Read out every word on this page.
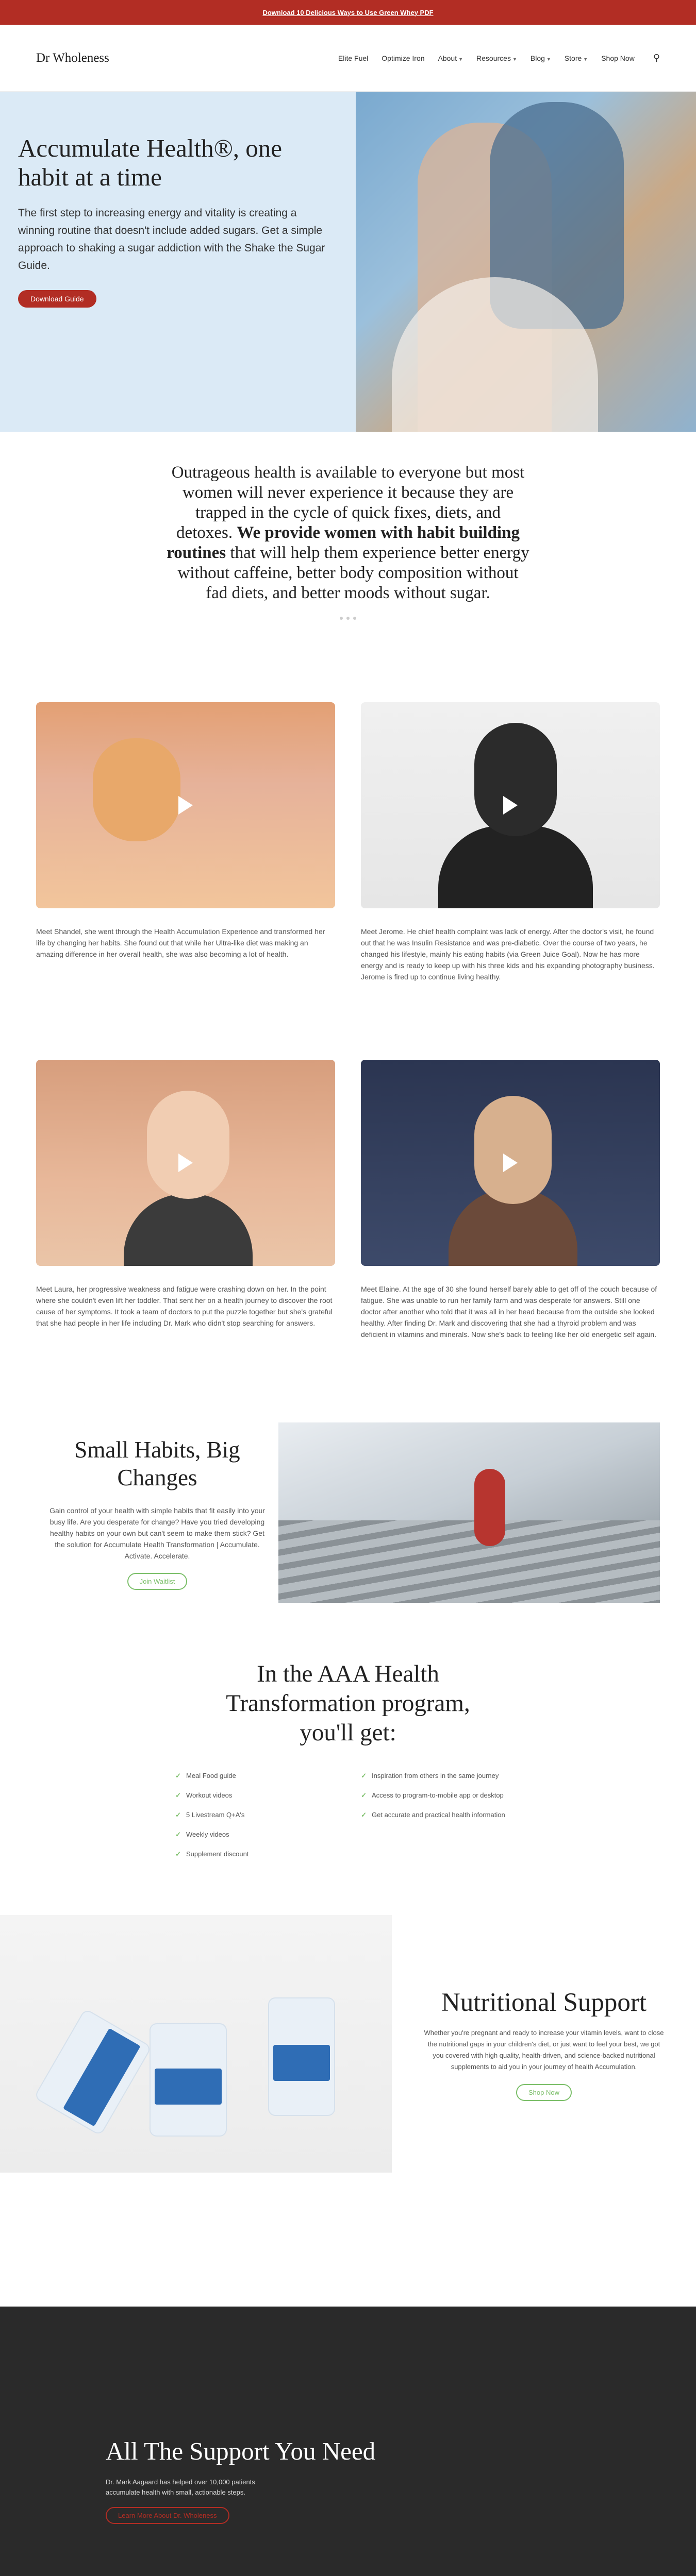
Download 10 Delicious Ways to Use Green Whey PDF
Dr Wholeness	Elite Fuel Optimize Iron About ▼ Resources ▼ Blog ▼ Store ▼ Shop Now ⚲
Accumulate Health®, one habit at a time

The first step to increasing energy and vitality is creating a winning routine that doesn't include added sugars. Get a simple approach to shaking a sugar addiction with the Shake the Sugar Guide.

Download Guide

Outrageous health is available to everyone but most women will never experience it because they are trapped in the cycle of quick fixes, diets, and detoxes. We provide women with habit building routines that will help them experience better energy without caffeine, better body composition without fad diets, and better moods without sugar.

Meet Shandel, she went through the Health Accumulation Experience and transformed her life by changing her habits. She found out that while her Ultra-like diet was making an amazing difference in her overall health, she was also becoming a lot of health.

Meet Jerome. He chief health complaint was lack of energy. After the doctor's visit, he found out that he was Insulin Resistance and was pre-diabetic. Over the course of two years, he changed his lifestyle, mainly his eating habits (via Green Juice Goal). Now he has more energy and is ready to keep up with his three kids and his expanding photography business. Jerome is fired up to continue living healthy.

Meet Laura, her progressive weakness and fatigue were crashing down on her. In the point where she couldn't even lift her toddler. That sent her on a health journey to discover the root cause of her symptoms. It took a team of doctors to put the puzzle together but she's grateful that she had people in her life including Dr. Mark who didn't stop searching for answers.

Meet Elaine. At the age of 30 she found herself barely able to get off of the couch because of fatigue. She was unable to run her family farm and was desperate for answers. Still one doctor after another who told that it was all in her head because from the outside she looked healthy. After finding Dr. Mark and discovering that she had a thyroid problem and was deficient in vitamins and minerals. Now she's back to feeling like her old energetic self again.

Small Habits, Big Changes

Gain control of your health with simple habits that fit easily into your busy life. Are you desperate for change? Have you tried developing healthy habits on your own but can't seem to make them stick? Get the solution for Accumulate Health Transformation | Accumulate. Activate. Accelerate.

Join Waitlist
In the AAA Health Transformation program, you'll get:
✓ Meal Food guide
✓ Workout videos
✓ 5 Livestream Q+A's
✓ Weekly videos
✓ Supplement discount
✓ Inspiration from others in the same journey
✓ Access to program-to-mobile app or desktop
✓ Get accurate and practical health information
Nutritional Support

Whether you're pregnant and ready to increase your vitamin levels, want to close the nutritional gaps in your children's diet, or just want to feel your best, we got you covered with high quality, health-driven, and science-backed nutritional supplements to aid you in your journey of health Accumulation.

Shop Now
All The Support You Need

Dr. Mark Aagaard has helped over 10,000 patients accumulate health with small, actionable steps.

Learn More About Dr. Wholeness
